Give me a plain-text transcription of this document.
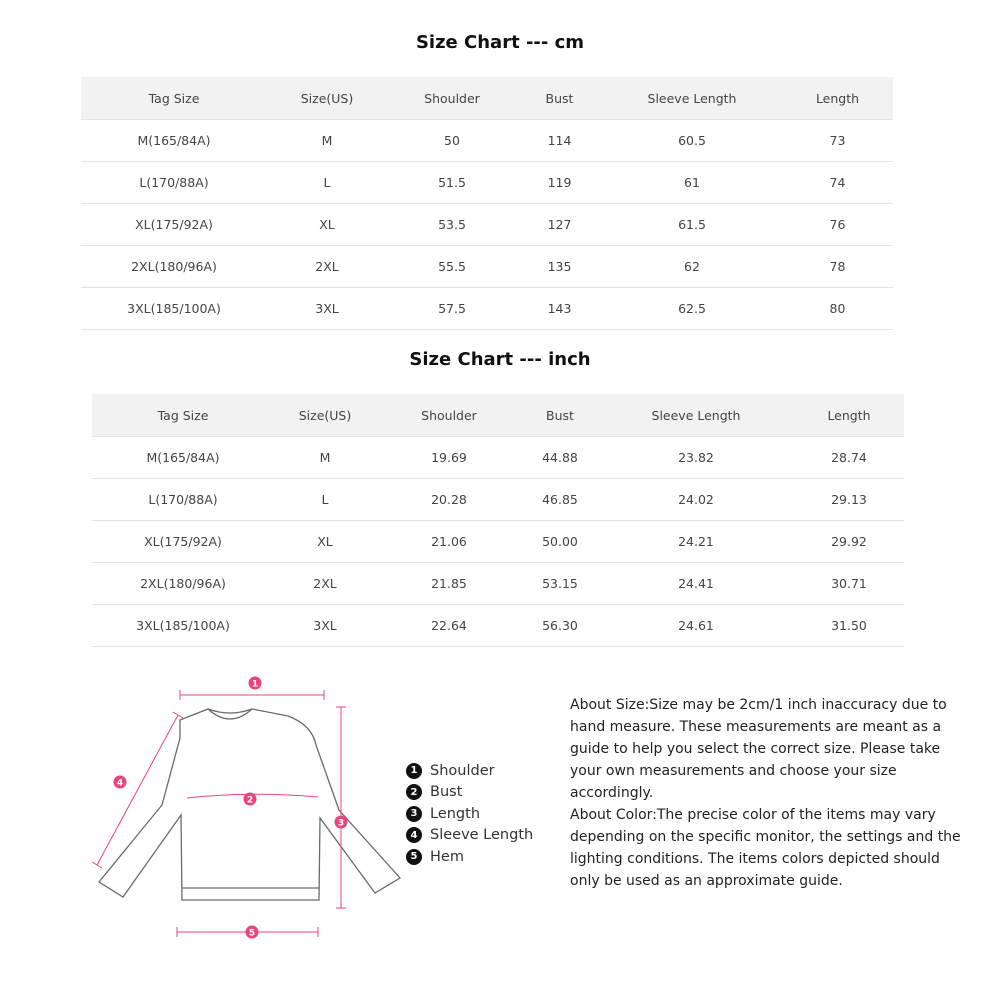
Size Chart --- cm
Tag Size	Size(US)	Shoulder	Bust	Sleeve Length	Length
M(165/84A)	M	50	114	60.5	73
L(170/88A)	L	51.5	119	61	74
XL(175/92A)	XL	53.5	127	61.5	76
2XL(180/96A)	2XL	55.5	135	62	78
3XL(185/100A)	3XL	57.5	143	62.5	80
Size Chart --- inch
Tag Size	Size(US)	Shoulder	Bust	Sleeve Length	Length
M(165/84A)	M	19.69	44.88	23.82	28.74
L(170/88A)	L	20.28	46.85	24.02	29.13
XL(175/92A)	XL	21.06	50.00	24.21	29.92
2XL(180/96A)	2XL	21.85	53.15	24.41	30.71
3XL(185/100A)	3XL	22.64	56.30	24.61	31.50
1
2
3
4
5
1 Shoulder
2 Bust
3 Length
4 Sleeve Length
5 Hem

About Size:Size may be 2cm/1 inch inaccuracy due to hand measure. These measurements are meant as a guide to help you select the correct size. Please take your own measurements and choose your size accordingly.

About Color:The precise color of the items may vary depending on the specific monitor, the settings and the lighting conditions. The items colors depicted should only be used as an approximate guide.
